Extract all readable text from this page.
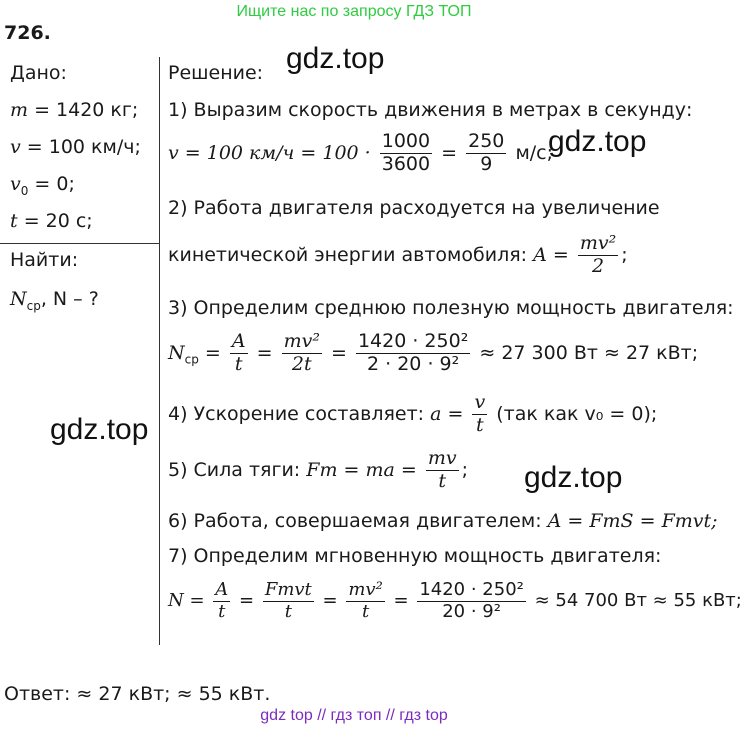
Ищите нас по запросу ГДЗ ТОП
726.
Дано:
m = 1420 кг;
v = 100 км/ч;
$v_0 = 0$;
t = 20 с;
Найти:
$N_{ср}$, N – ?
Решение:
1) Выразим скорость движения в метрах в секунду:
v = 100 $км/ч = 100 \cdot \frac{1000}{3600} = \frac{250}{9} м/с$;
2) Работа двигателя расходуется на увеличение
кинетической энергии автомобиля: $A = \frac{\text{mv²}}{2}$ ;
3) Определим среднюю полезную мощность двигателя:
$N_{ср} = \frac{A}{t} = \frac{\text{mv²}}{2t} = \frac{\text{1420 · 250²}}{\text{2 · 20 · 9²}} \approx 27$ 300 Вт ≈ 27 кВт;
4) Ускорение составляет: $a = \frac{v}{t} (так$ как v₀ = 0);
5) Сила тяги: Fт = ma = $\frac{mv}{t}$ ;
6) Работа, совершаемая двигателем: A = FтS = Fтvt;
7) Определим мгновенную мощность двигателя:
$N = \frac{A}{t} = \frac{\text{Fтvt}}{t} = \frac{\text{mv²}}{t} = \frac{\text{1420 · 250²}}{\text{20 · 9²}} \approx 54$ 700 Вт ≈ 55 кВт;
gdz.top
gdz.top
gdz.top
gdz.top
Ответ: ≈ 27 кВт; ≈ 55 кВт.
gdz top // гдз топ // гдз top
